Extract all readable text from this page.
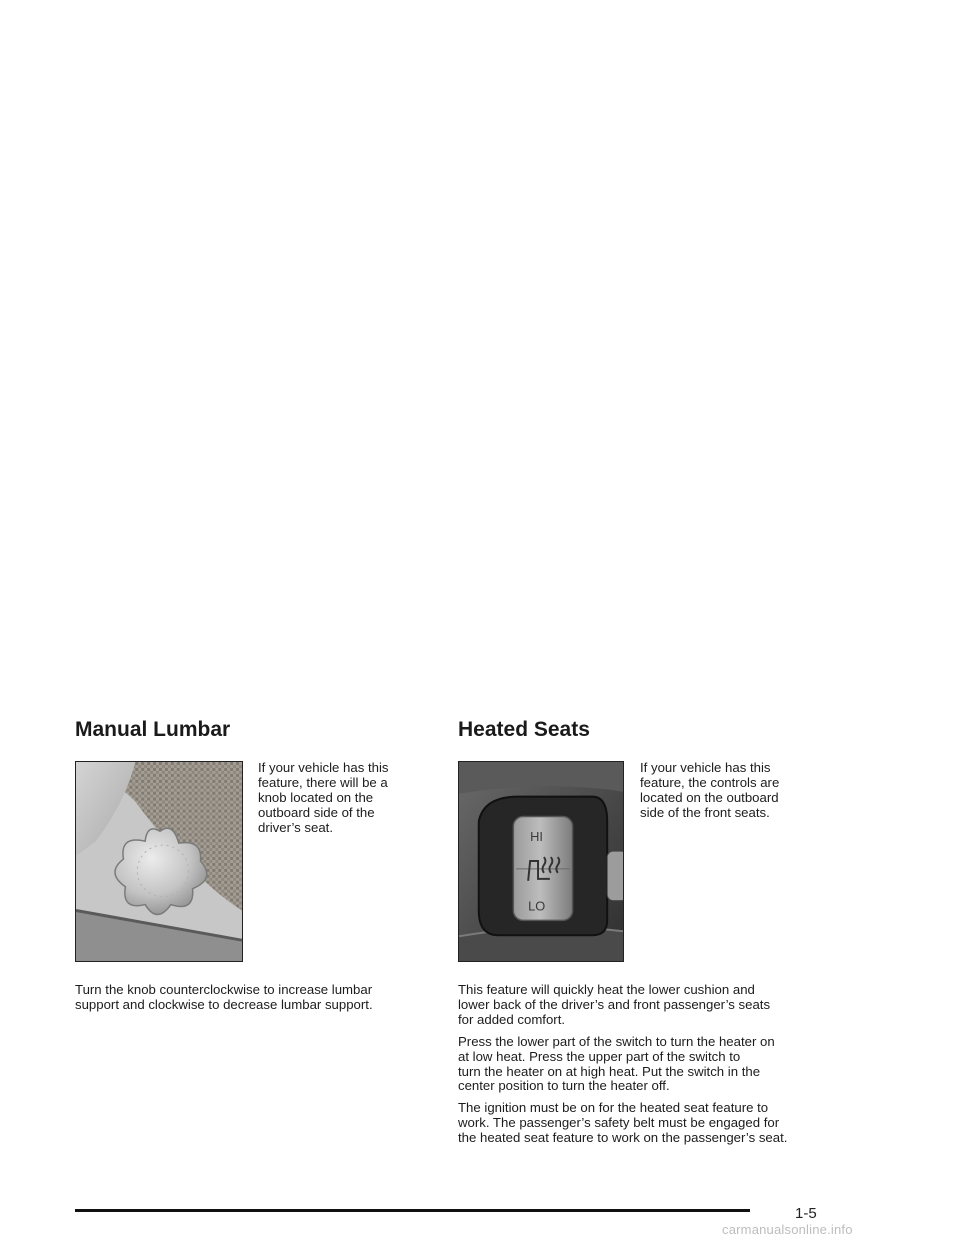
Manual Lumbar

If your vehicle has this
feature, there will be a
knob located on the
outboard side of the
driver’s seat.

Turn the knob counterclockwise to increase lumbar
support and clockwise to decrease lumbar support.

Heated Seats
HI
LO

If your vehicle has this
feature, the controls are
located on the outboard
side of the front seats.

This feature will quickly heat the lower cushion and
lower back of the driver’s and front passenger’s seats
for added comfort.

Press the lower part of the switch to turn the heater on
at low heat. Press the upper part of the switch to
turn the heater on at high heat. Put the switch in the
center position to turn the heater off.

The ignition must be on for the heated seat feature to
work. The passenger’s safety belt must be engaged for
the heated seat feature to work on the passenger’s seat.

1-5
carmanualsonline.info
